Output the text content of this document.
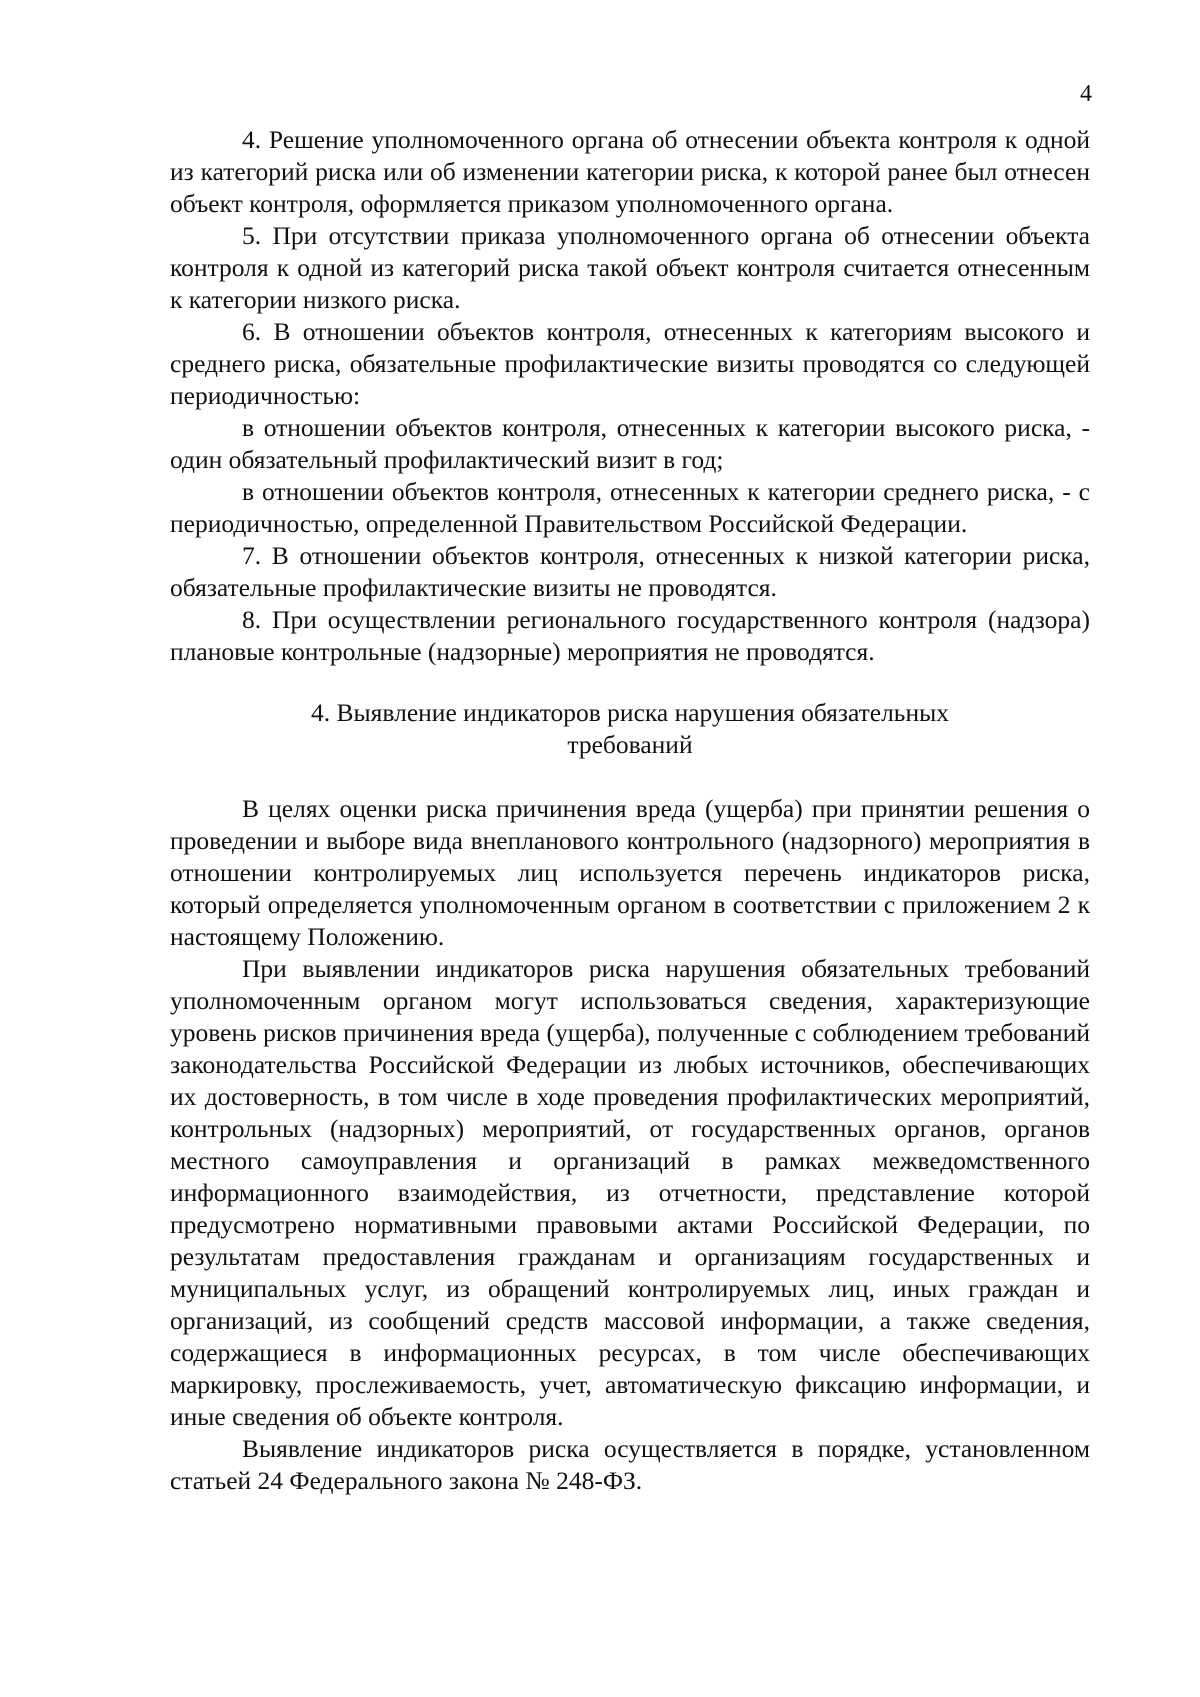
4

4. Решение уполномоченного органа об отнесении объекта контроля к одной из категорий риска или об изменении категории риска, к которой ранее был отнесен объект контроля, оформляется приказом уполномоченного органа.

5. При отсутствии приказа уполномоченного органа об отнесении объекта контроля к одной из категорий риска такой объект контроля считается отнесенным к категории низкого риска.

6. В отношении объектов контроля, отнесенных к категориям высокого и среднего риска, обязательные профилактические визиты проводятся со следующей периодичностью:

в отношении объектов контроля, отнесенных к категории высокого риска, - один обязательный профилактический визит в год;

в отношении объектов контроля, отнесенных к категории среднего риска, - с периодичностью, определенной Правительством Российской Федерации.

7. В отношении объектов контроля, отнесенных к низкой категории риска, обязательные профилактические визиты не проводятся.

8. При осуществлении регионального государственного контроля (надзора) плановые контрольные (надзорные) мероприятия не проводятся.

4. Выявление индикаторов риска нарушения обязательных
требований

В целях оценки риска причинения вреда (ущерба) при принятии решения о проведении и выборе вида внепланового контрольного (надзорного) мероприятия в отношении контролируемых лиц используется перечень индикаторов риска, который определяется уполномоченным органом в соответствии с приложением 2 к настоящему Положению.

При выявлении индикаторов риска нарушения обязательных требований уполномоченным органом могут использоваться сведения, характеризующие уровень рисков причинения вреда (ущерба), полученные с соблюдением требований законодательства Российской Федерации из любых источников, обеспечивающих их достоверность, в том числе в ходе проведения профилактических мероприятий, контрольных (надзорных) мероприятий, от государственных органов, органов местного самоуправления и организаций в рамках межведомственного информационного взаимодействия, из отчетности, представление которой предусмотрено нормативными правовыми актами Российской Федерации, по результатам предоставления гражданам и организациям государственных и муниципальных услуг, из обращений контролируемых лиц, иных граждан и организаций, из сообщений средств массовой информации, а также сведения, содержащиеся в информационных ресурсах, в том числе обеспечивающих маркировку, прослеживаемость, учет, автоматическую фиксацию информации, и иные сведения об объекте контроля.

Выявление индикаторов риска осуществляется в порядке, установленном статьей 24 Федерального закона № 248-ФЗ.
